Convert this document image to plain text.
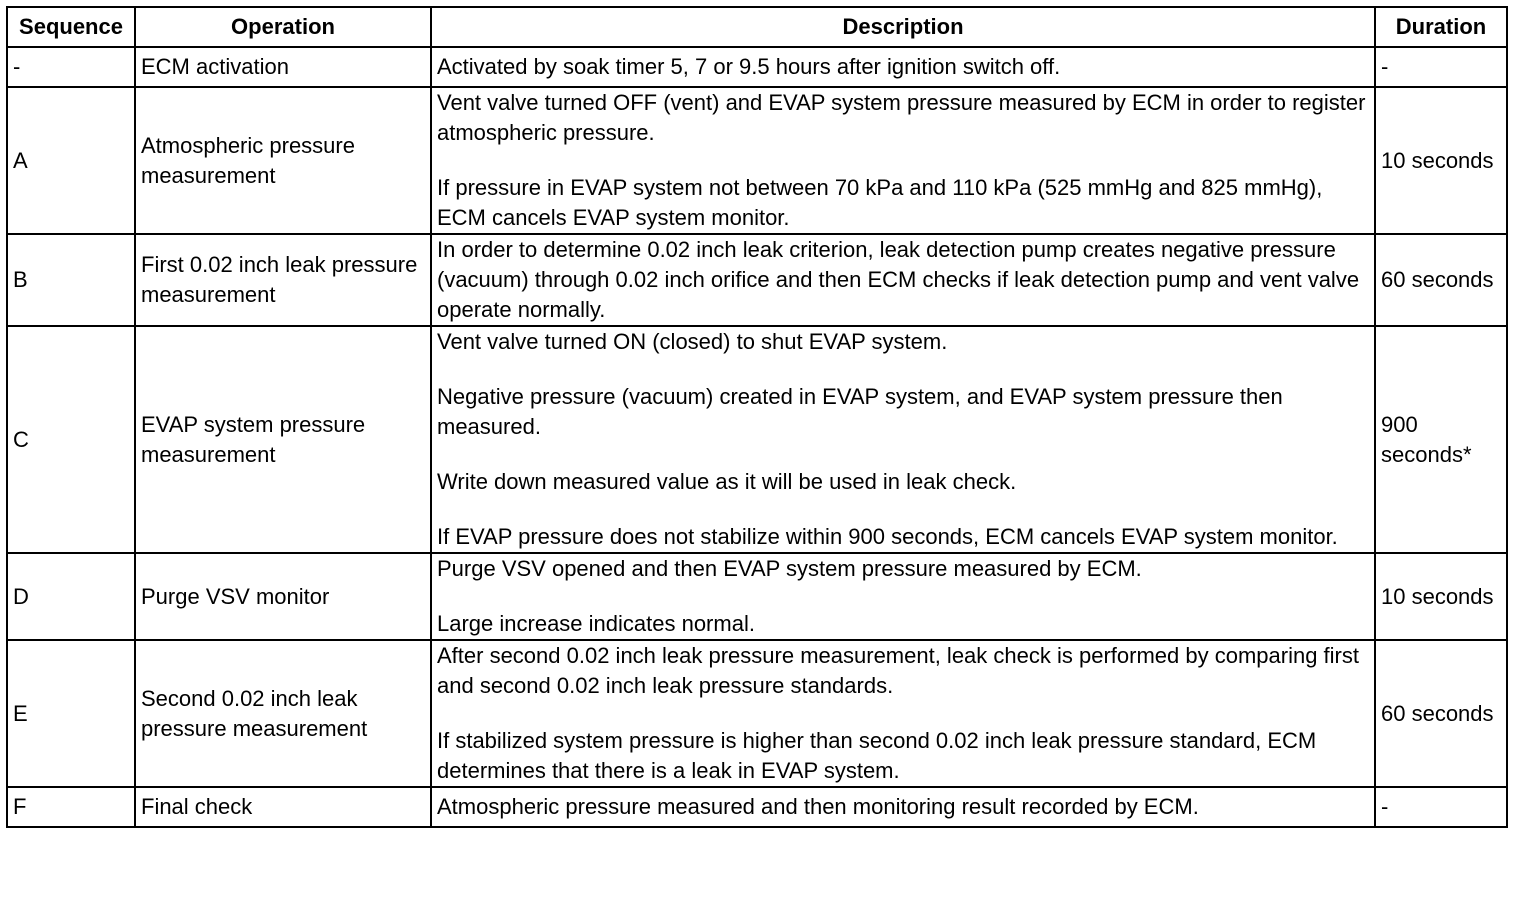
Sequence	Operation	Description	Duration
-	ECM activation	Activated by soak timer 5, 7 or 9.5 hours after ignition switch off.	-
A	Atmospheric pressure measurement	Vent valve turned OFF (vent) and EVAP system pressure measured by ECM in order to register atmospheric pressure.

If pressure in EVAP system not between 70 kPa and 110 kPa (525 mmHg and 825 mmHg), ECM cancels EVAP system monitor.	10 seconds
B	First 0.02 inch leak pressure measurement	In order to determine 0.02 inch leak criterion, leak detection pump creates negative pressure (vacuum) through 0.02 inch orifice and then ECM checks if leak detection pump and vent valve operate normally.	60 seconds
C	EVAP system pressure measurement	Vent valve turned ON (closed) to shut EVAP system.

Negative pressure (vacuum) created in EVAP system, and EVAP system pressure then measured.

Write down measured value as it will be used in leak check.

If EVAP pressure does not stabilize within 900 seconds, ECM cancels EVAP system monitor.	900 seconds*
D	Purge VSV monitor	Purge VSV opened and then EVAP system pressure measured by ECM.

Large increase indicates normal.	10 seconds
E	Second 0.02 inch leak pressure measurement	After second 0.02 inch leak pressure measurement, leak check is performed by comparing first and second 0.02 inch leak pressure standards.

If stabilized system pressure is higher than second 0.02 inch leak pressure standard, ECM determines that there is a leak in EVAP system.	60 seconds
F	Final check	Atmospheric pressure measured and then monitoring result recorded by ECM.	-
